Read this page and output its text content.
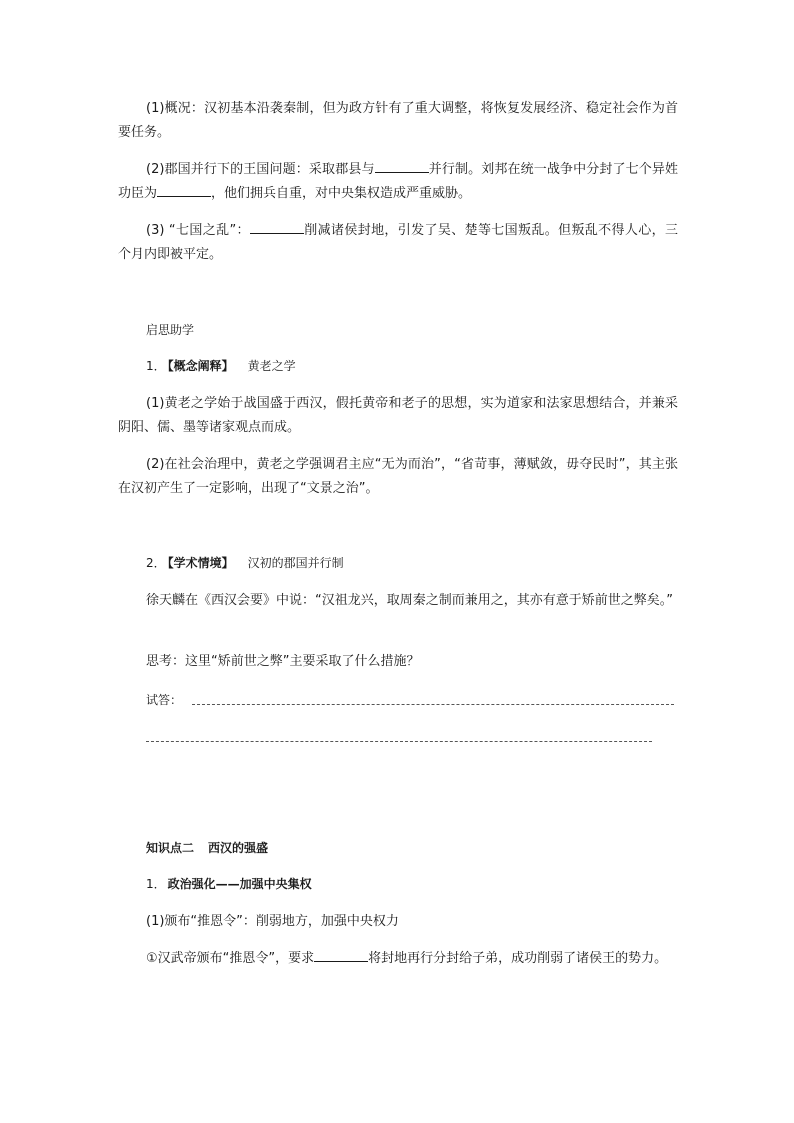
(1)概况：汉初基本沿袭秦制，但为政方针有了重大调整，将恢复发展经济、稳定社会作为首要任务。

(2)郡国并行下的王国问题：采取郡县与	并行制。刘邦在统一战争中分封了七个异姓功臣为	，他们拥兵自重，对中央集权造成严重威胁。

(3) “七国之乱”：	削减诸侯封地，引发了吴、楚等七国叛乱。但叛乱不得人心，三个月内即被平定。

启思助学

1． 【概念阐释】 黄老之学

(1)黄老之学始于战国盛于西汉，假托黄帝和老子的思想，实为道家和法家思想结合，并兼采阴阳、儒、墨等诸家观点而成。

(2)在社会治理中，黄老之学强调君主应“无为而治”，“省苛事，薄赋敛，毋夺民时”，其主张在汉初产生了一定影响，出现了“文景之治”。

2． 【学术情境】 汉初的郡国并行制

徐天麟在《西汉会要》中说：“汉祖龙兴，取周秦之制而兼用之，其亦有意于矫前世之弊矣。”

思考：这里“矫前世之弊”主要采取了什么措施？

试答：

知识点二 西汉的强盛

1． 政治强化——加强中央集权

(1)颁布“推恩令”：削弱地方，加强中央权力

①汉武帝颁布“推恩令”，要求	将封地再行分封给子弟，成功削弱了诸侯王的势力。
